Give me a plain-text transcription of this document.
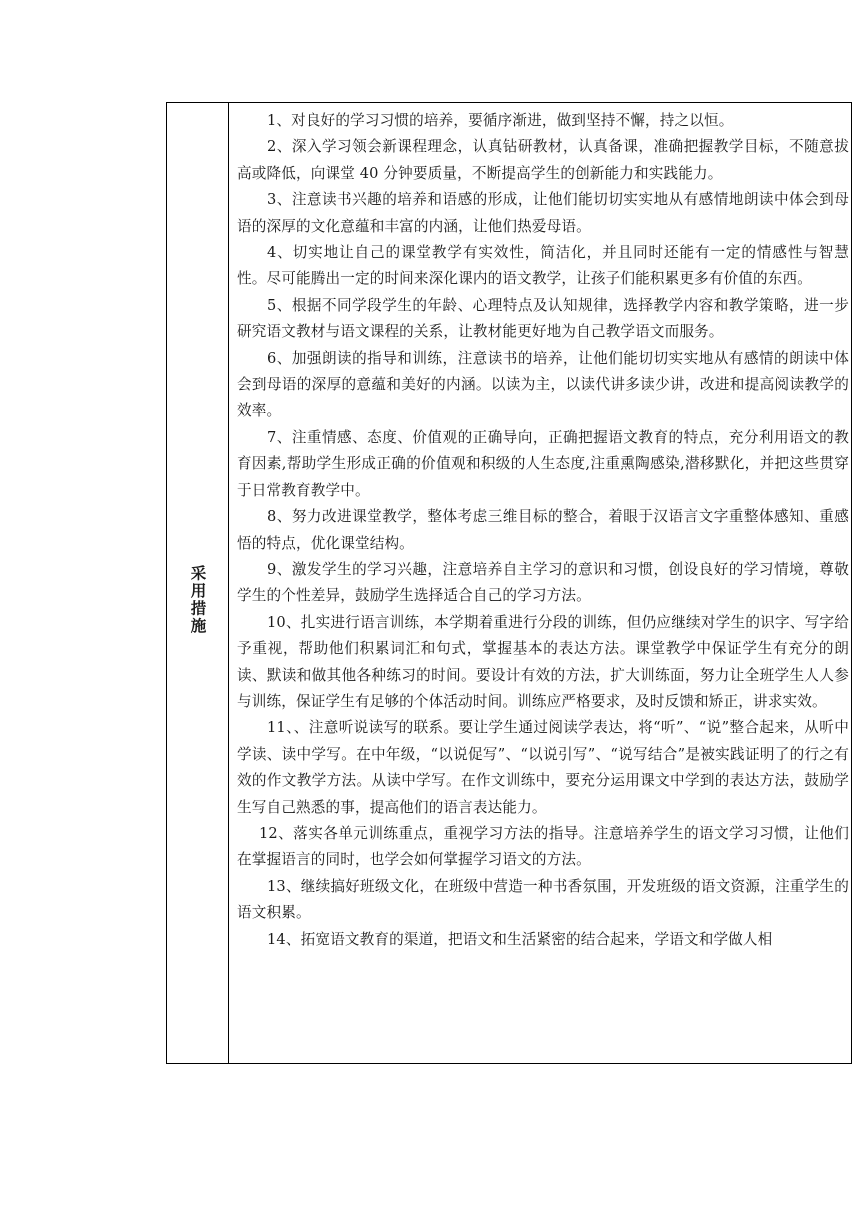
采用措施

1、对良好的学习习惯的培养，要循序渐进，做到坚持不懈，持之以恒。

2、深入学习领会新课程理念，认真钻研教材，认真备课，准确把握教学目标，不随意拔高或降低，向课堂 40 分钟要质量，不断提高学生的创新能力和实践能力。

3、注意读书兴趣的培养和语感的形成，让他们能切切实实地从有感情地朗读中体会到母语的深厚的文化意蕴和丰富的内涵，让他们热爱母语。

4、切实地让自己的课堂教学有实效性，简洁化，并且同时还能有一定的情感性与智慧性。尽可能腾出一定的时间来深化课内的语文教学，让孩子们能积累更多有价值的东西。

5、根据不同学段学生的年龄、心理特点及认知规律，选择教学内容和教学策略，进一步研究语文教材与语文课程的关系，让教材能更好地为自己教学语文而服务。

6、加强朗读的指导和训练，注意读书的培养，让他们能切切实实地从有感情的朗读中体会到母语的深厚的意蕴和美好的内涵。以读为主，以读代讲多读少讲，改进和提高阅读教学的效率。

7、注重情感、态度、价值观的正确导向，正确把握语文教育的特点，充分利用语文的教育因素,帮助学生形成正确的价值观和积级的人生态度,注重熏陶感染,潜移默化，并把这些贯穿于日常教育教学中。

8、努力改进课堂教学，整体考虑三维目标的整合，着眼于汉语言文字重整体感知、重感悟的特点，优化课堂结构。

9、激发学生的学习兴趣，注意培养自主学习的意识和习惯，创设良好的学习情境，尊敬学生的个性差异，鼓励学生选择适合自己的学习方法。

10、扎实进行语言训练，本学期着重进行分段的训练，但仍应继续对学生的识字、写字给予重视，帮助他们积累词汇和句式，掌握基本的表达方法。课堂教学中保证学生有充分的朗读、默读和做其他各种练习的时间。要设计有效的方法，扩大训练面，努力让全班学生人人参与训练，保证学生有足够的个体活动时间。训练应严格要求，及时反馈和矫正，讲求实效。

11、、注意听说读写的联系。要让学生通过阅读学表达，将“听”、“说”整合起来，从听中学读、读中学写。在中年级，“以说促写”、“以说引写”、“说写结合”是被实践证明了的行之有效的作文教学方法。从读中学写。在作文训练中，要充分运用课文中学到的表达方法，鼓励学生写自己熟悉的事，提高他们的语言表达能力。

12、落实各单元训练重点，重视学习方法的指导。注意培养学生的语文学习习惯，让他们在掌握语言的同时，也学会如何掌握学习语文的方法。

13、继续搞好班级文化，在班级中营造一种书香氛围，开发班级的语文资源，注重学生的语文积累。

14、拓宽语文教育的渠道，把语文和生活紧密的结合起来，学语文和学做人相
